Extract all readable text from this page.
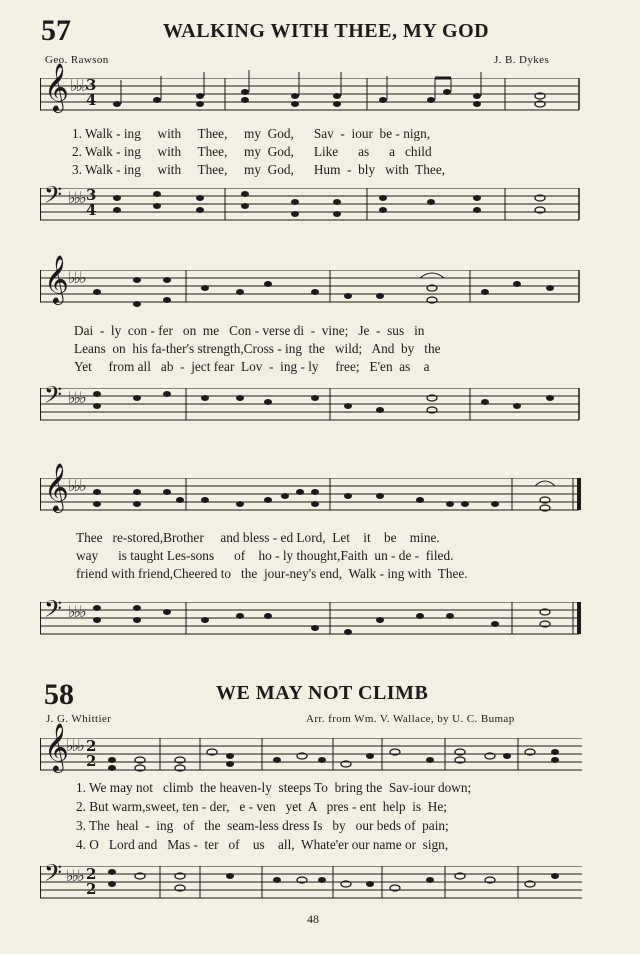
57	WALKING WITH THEE, MY GOD
Geo. Rawson	J. B. Dykes
𝄞 ♭♭♭ 3
4
1. Walk - ing     with     Thee,     my  God,      Sav  -  iour  be - nign,
2. Walk - ing     with     Thee,     my  God,      Like      as      a   child
3. Walk - ing     with     Thee,     my  God,      Hum  -  bly   with  Thee,
𝄢 ♭♭♭ 3
4
𝄞 ♭♭♭
Dai  -  ly  con - fer   on  me   Con - verse di  -  vine;   Je  -  sus   in
Leans  on  his fa-ther's strength,Cross - ing  the   wild;   And  by   the
Yet     from all   ab  -  ject fear  Lov  -  ing - ly     free;   E'en  as    a
𝄢 ♭♭♭
𝄞 ♭♭♭
Thee   re-stored,Brother     and bless - ed Lord,  Let    it    be    mine.
way      is taught Les-sons      of    ho - ly thought,Faith  un - de -  filed.
friend with friend,Cheered to   the  jour-ney's end,  Walk - ing with  Thee.
𝄢 ♭♭♭
58	WE MAY NOT CLIMB
J. G. Whittier	Arr. from Wm. V. Wallace, by U. C. Bumap
𝄞
♭♭♭ 2
2
1. We may not   climb  the heaven-ly  steeps To  bring the  Sav-iour down;
2. But warm,sweet, ten - der,   e - ven   yet  A   pres - ent  help  is  He;
3. The  heal  -  ing   of   the  seam-less dress Is   by   our beds of  pain;
4. O   Lord and   Mas -  ter   of    us    all,  Whate'er our name or  sign,
𝄢 ♭♭♭ 2
2
48
